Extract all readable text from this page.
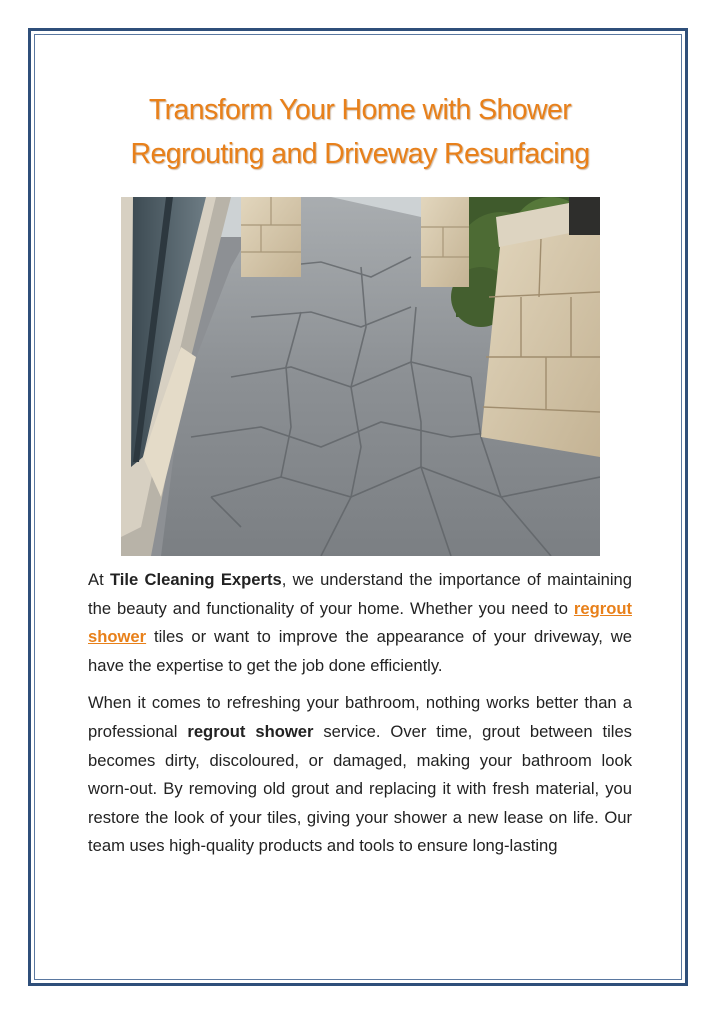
Transform Your Home with Shower
Regrouting and Driveway Resurfacing

At Tile Cleaning Experts, we understand the importance of maintaining the beauty and functionality of your home. Whether you need to regrout shower tiles or want to improve the appearance of your driveway, we have the expertise to get the job done efficiently.

When it comes to refreshing your bathroom, nothing works better than a professional regrout shower service. Over time, grout between tiles becomes dirty, discoloured, or damaged, making your bathroom look worn-out. By removing old grout and replacing it with fresh material, you restore the look of your tiles, giving your shower a new lease on life. Our team uses high-quality products and tools to ensure long-lasting
